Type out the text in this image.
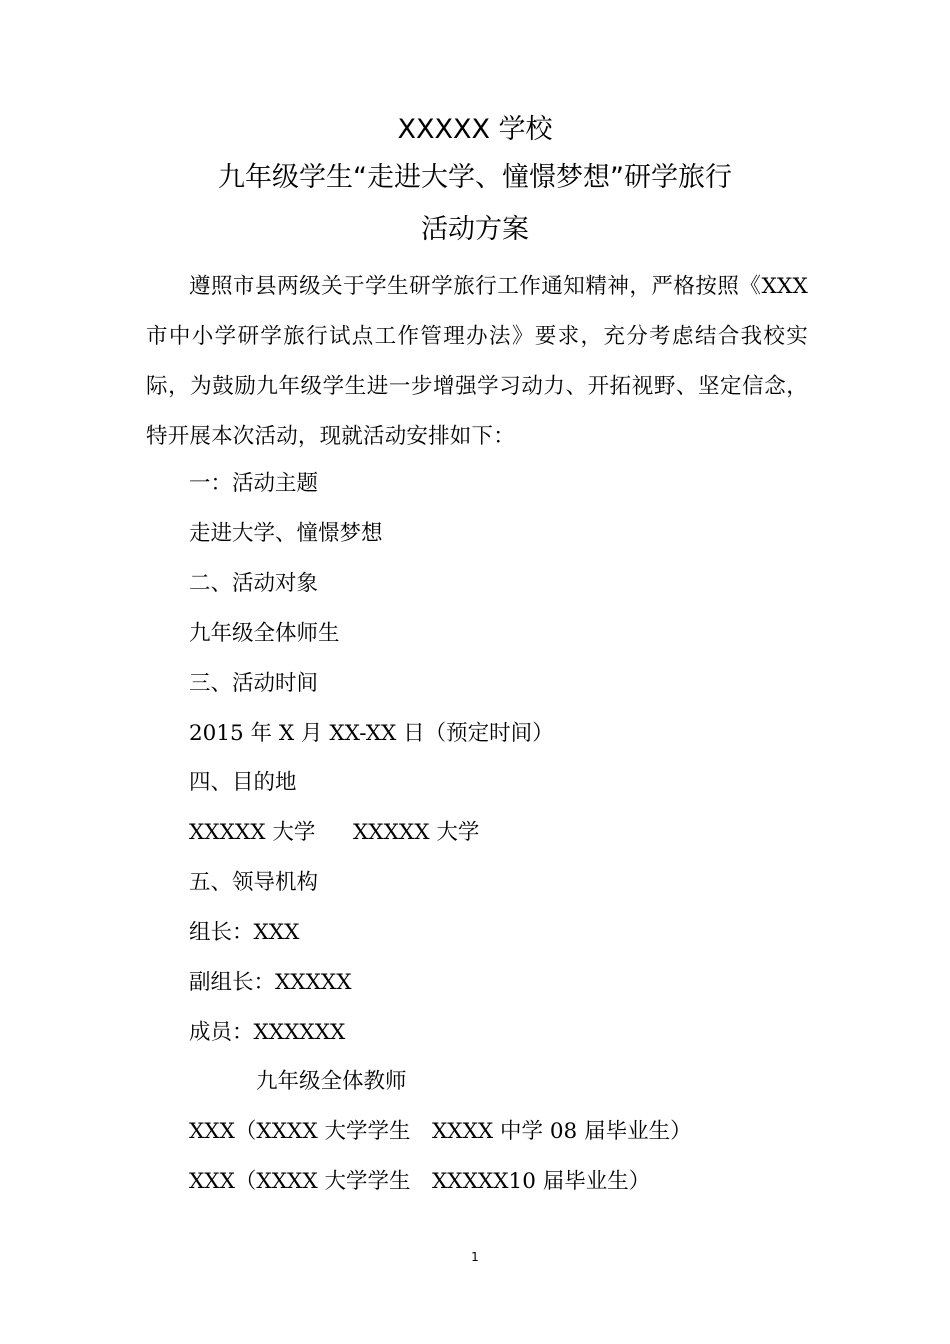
XXXXX 学校
九年级学生“走进大学、憧憬梦想”研学旅行
活动方案
遵照市县两级关于学生研学旅行工作通知精神，严格按照《XXX市中小学研学旅行试点工作管理办法》要求，充分考虑结合我校实际，为鼓励九年级学生进一步增强学习动力、开拓视野、坚定信念，特开展本次活动，现就活动安排如下：
一：活动主题
走进大学、憧憬梦想
二、活动对象
九年级全体师生
三、活动时间
2015 年 X 月 XX-XX 日（预定时间）
四、目的地
XXXXX 大学 XXXXX 大学
五、领导机构
组长：XXX
副组长：XXXXX
成员：XXXXXX
九年级全体教师
XXX（XXXX 大学学生　XXXX 中学 08 届毕业生）
XXX（XXXX 大学学生　XXXXX10 届毕业生）
1
